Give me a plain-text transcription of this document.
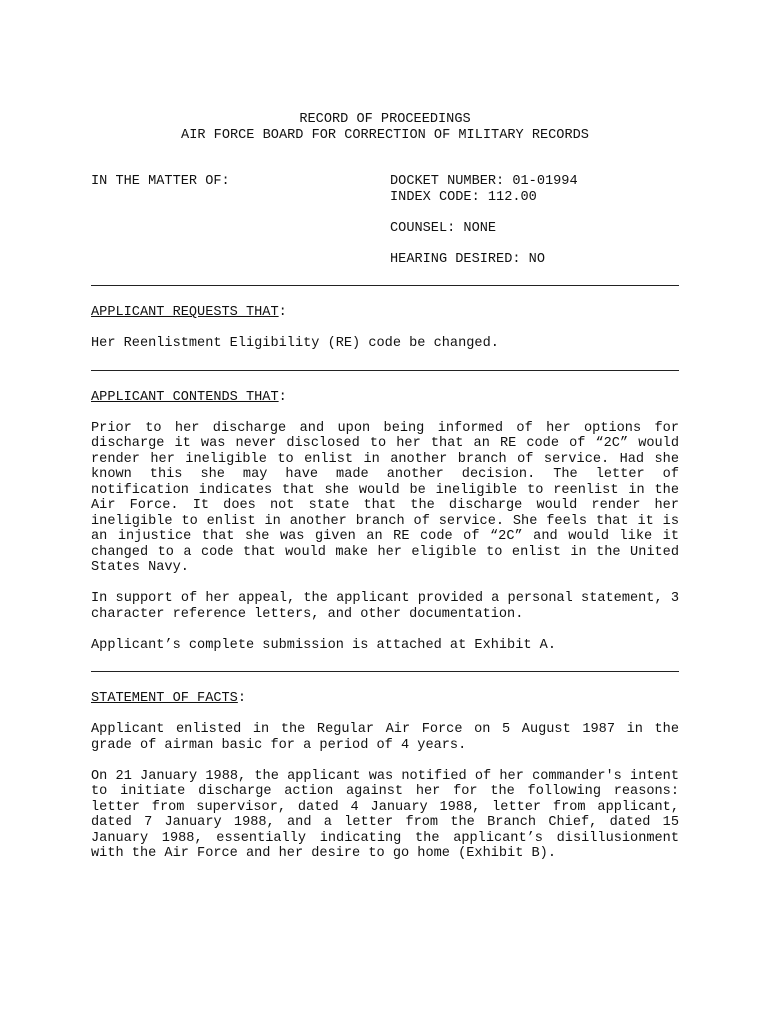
RECORD OF PROCEEDINGS
AIR FORCE BOARD FOR CORRECTION OF MILITARY RECORDS
IN THE MATTER OF:	DOCKET NUMBER: 01-01994
INDEX CODE: 112.00
COUNSEL: NONE
HEARING DESIRED: NO
APPLICANT REQUESTS THAT:

Her Reenlistment Eligibility (RE) code be changed.

APPLICANT CONTENDS THAT:

Prior to her discharge and upon being informed of her options for discharge it was never disclosed to her that an RE code of “2C” would render her ineligible to enlist in another branch of service. Had she known this she may have made another decision. The letter of notification indicates that she would be ineligible to reenlist in the Air Force. It does not state that the discharge would render her ineligible to enlist in another branch of service. She feels that it is an injustice that she was given an RE code of “2C” and would like it changed to a code that would make her eligible to enlist in the United States Navy.

In support of her appeal, the applicant provided a personal statement, 3 character reference letters, and other documentation.

Applicant’s complete submission is attached at Exhibit A.

STATEMENT OF FACTS:

Applicant enlisted in the Regular Air Force on 5 August 1987 in the grade of airman basic for a period of 4 years.

On 21 January 1988, the applicant was notified of her commander's intent to initiate discharge action against her for the following reasons: letter from supervisor, dated 4 January 1988, letter from applicant, dated 7 January 1988, and a letter from the Branch Chief, dated 15 January 1988, essentially indicating the applicant’s disillusionment with the Air Force and her desire to go home (Exhibit B).
